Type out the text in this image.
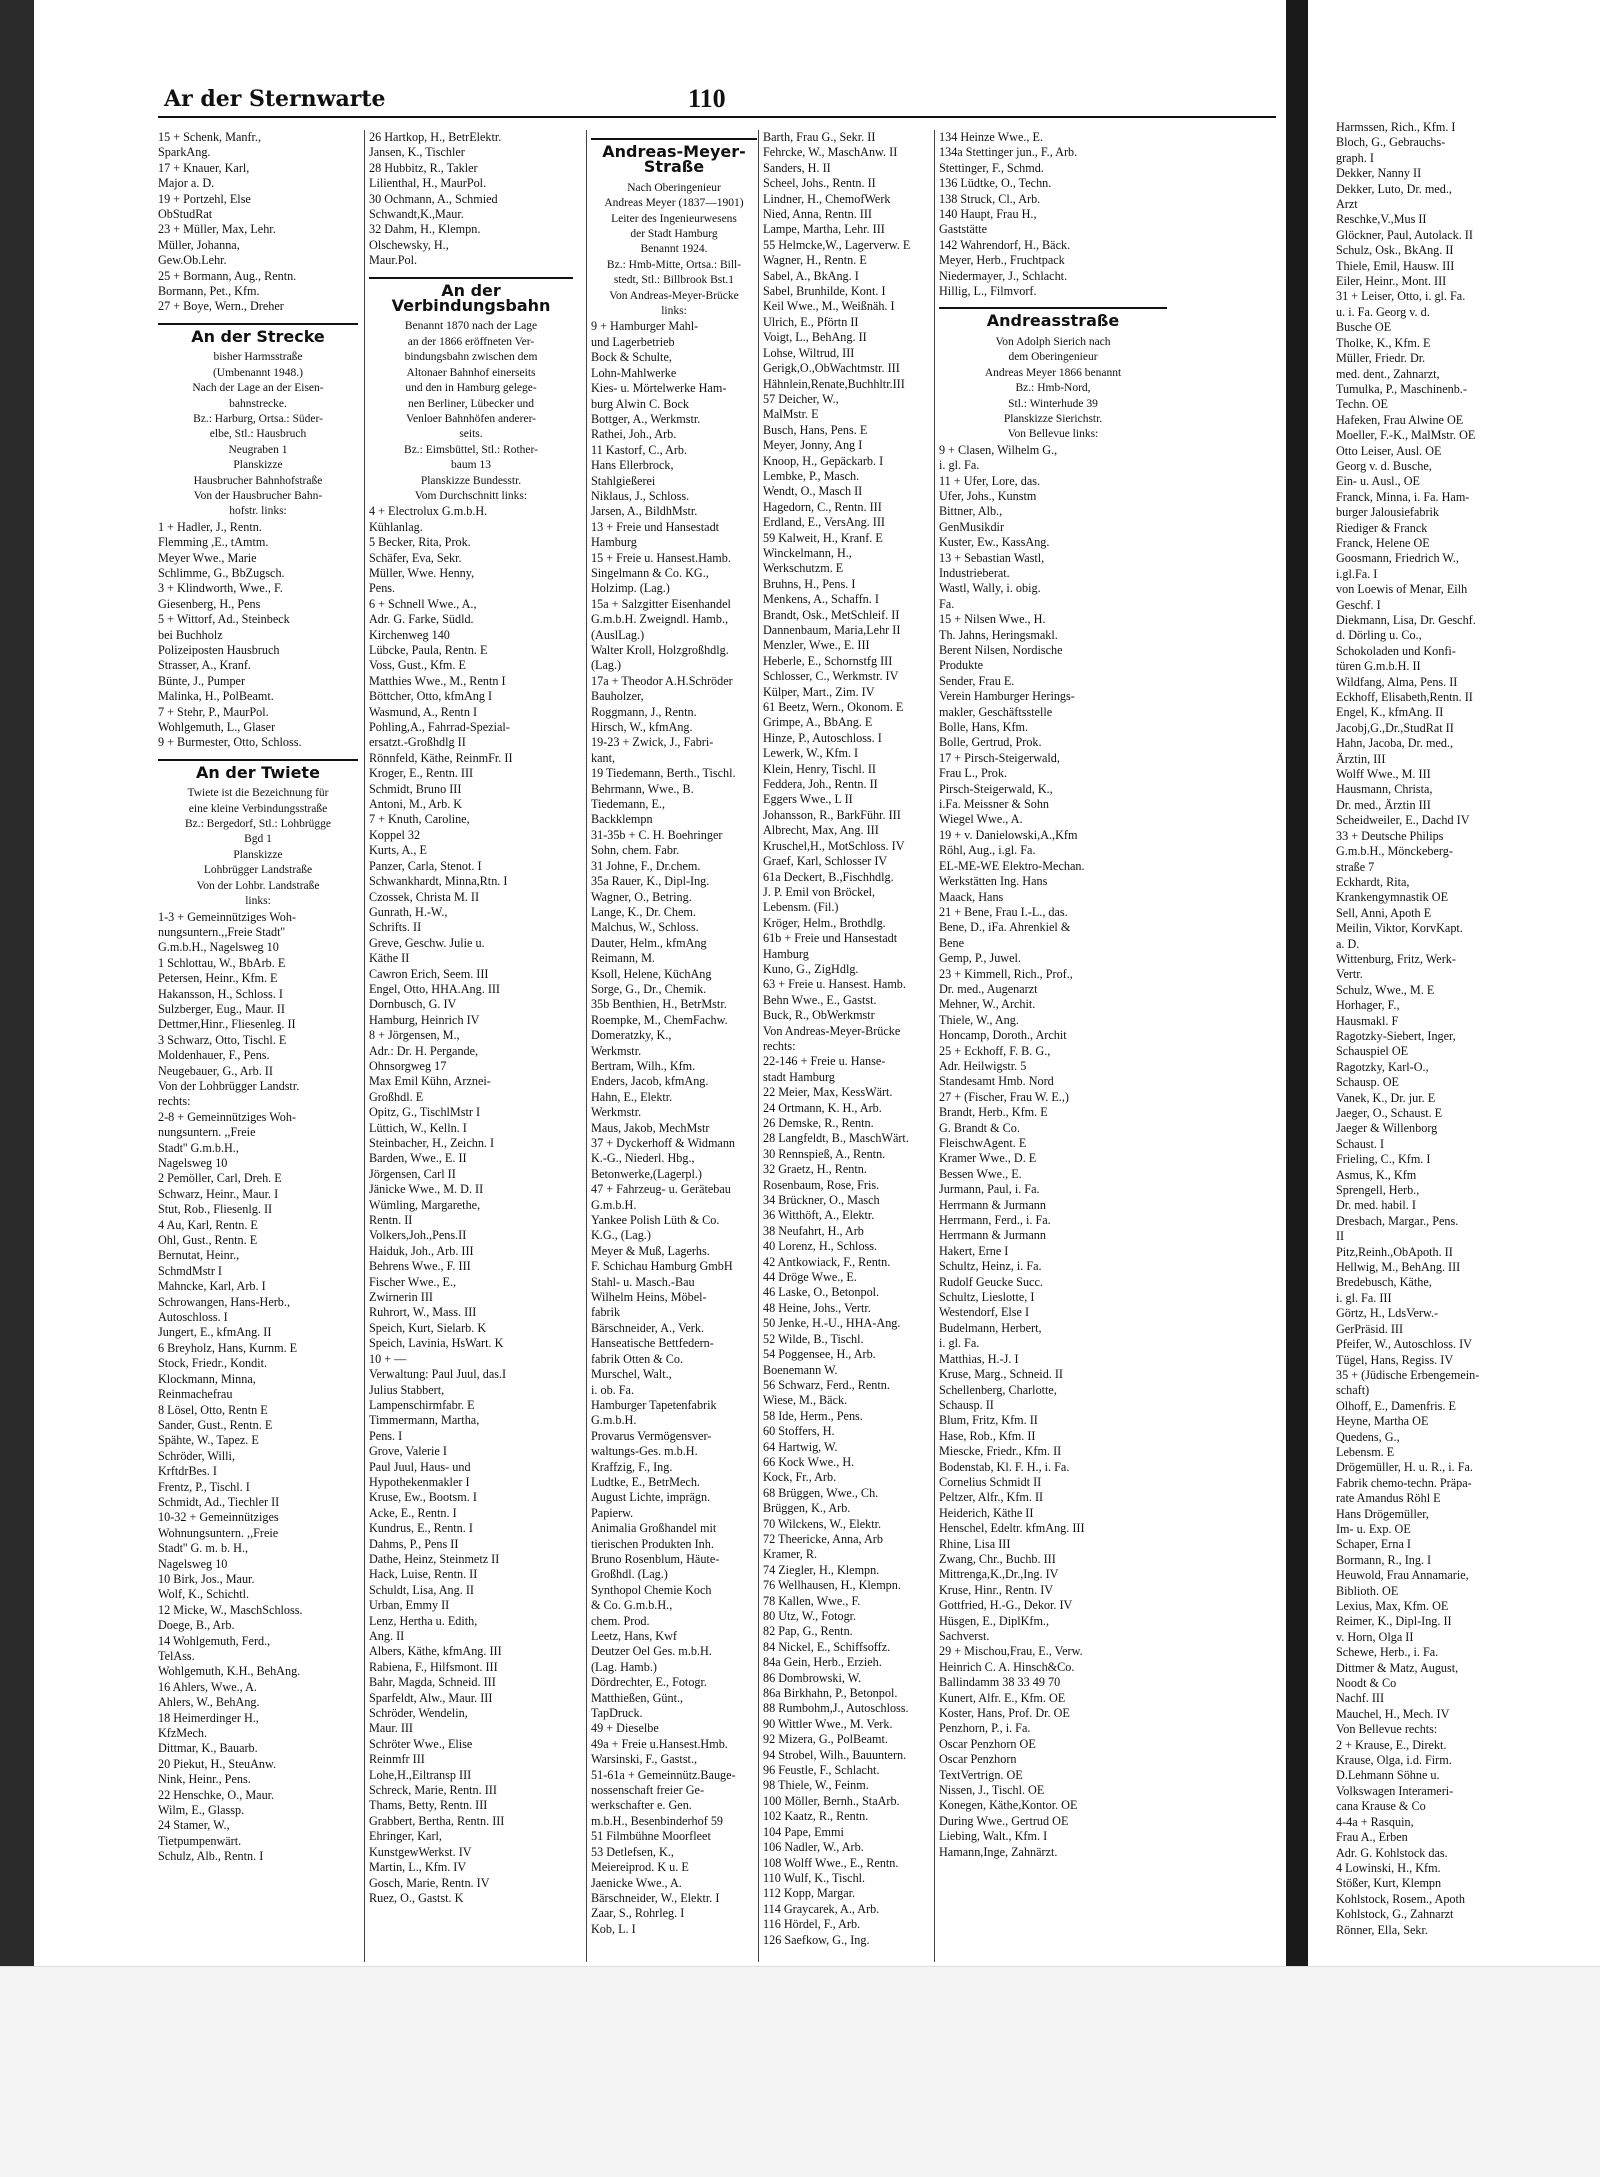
Ar der Sternwarte	110
15 + Schenk, Manfr.,
SparkAng.
17 + Knauer, Karl,
Major a. D.
19 + Portzehl, Else
ObStudRat
23 + Müller, Max, Lehr.
Müller, Johanna,
Gew.Ob.Lehr.
25 + Bormann, Aug., Rentn.
Bormann, Pet., Kfm.
27 + Boye, Wern., Dreher
An der Strecke
bisher Harmsstraße
(Umbenannt 1948.)
Nach der Lage an der Eisen-
bahnstrecke.
Bz.: Harburg, Ortsa.: Süder-
elbe, Stl.: Hausbruch
Neugraben 1
Planskizze
Hausbrucher Bahnhofstraße
Von der Hausbrucher Bahn-
hofstr. links:
1 + Hadler, J., Rentn.
Flemming ,E., tAmtm.
Meyer Wwe., Marie
Schlimme, G., BbZugsch.
3 + Klindworth, Wwe., F.
Giesenberg, H., Pens
5 + Wittorf, Ad., Steinbeck
bei Buchholz
Polizeiposten Hausbruch
Strasser, A., Kranf.
Bünte, J., Pumper
Malinka, H., PolBeamt.
7 + Stehr, P., MaurPol.
Wohlgemuth, L., Glaser
9 + Burmester, Otto, Schloss.
An der Twiete
Twiete ist die Bezeichnung für
eine kleine Verbindungsstraße
Bz.: Bergedorf, Stl.: Lohbrügge
Bgd 1
Planskizze
Lohbrügger Landstraße
Von der Lohbr. Landstraße
links:
1-3 + Gemeinnütziges Woh-
nungsuntern.,,Freie Stadt''
G.m.b.H., Nagelsweg 10
1 Schlottau, W., BbArb. E
Petersen, Heinr., Kfm. E
Hakansson, H., Schloss. I
Sulzberger, Eug., Maur. II
Dettmer,Hinr., Fliesenleg. II
3 Schwarz, Otto, Tischl. E
Moldenhauer, F., Pens.
Neugebauer, G., Arb. II
Von der Lohbrügger Landstr.
rechts:
2-8 + Gemeinnütziges Woh-
nungsuntern. ,,Freie
Stadt'' G.m.b.H.,
Nagelsweg 10
2 Pemöller, Carl, Dreh. E
Schwarz, Heinr., Maur. I
Stut, Rob., Fliesenlg. II
4 Au, Karl, Rentn. E
Ohl, Gust., Rentn. E
Bernutat, Heinr.,
SchmdMstr I
Mahncke, Karl, Arb. I
Schrowangen, Hans-Herb.,
Autoschloss. I
Jungert, E., kfmAng. II
6 Breyholz, Hans, Kurnm. E
Stock, Friedr., Kondit.
Klockmann, Minna,
Reinmachefrau
8 Lösel, Otto, Rentn E
Sander, Gust., Rentn. E
Spähte, W., Tapez. E
Schröder, Willi,
KrftdrBes. I
Frentz, P., Tischl. I
Schmidt, Ad., Tiechler II
10-32 + Gemeinnütziges
Wohnungsuntern. ,,Freie
Stadt'' G. m. b. H.,
Nagelsweg 10
10 Birk, Jos., Maur.
Wolf, K., Schichtl.
12 Micke, W., MaschSchloss.
Doege, B., Arb.
14 Wohlgemuth, Ferd.,
TelAss.
Wohlgemuth, K.H., BehAng.
16 Ahlers, Wwe., A.
Ahlers, W., BehAng.
18 Heimerdinger H.,
KfzMech.
Dittmar, K., Bauarb.
20 Piekut, H., SteuAnw.
Nink, Heinr., Pens.
22 Henschke, O., Maur.
Wilm, E., Glassp.
24 Stamer, W.,
Tietpumpenwärt.
Schulz, Alb., Rentn. I
26 Hartkop, H., BetrElektr.
Jansen, K., Tischler
28 Hubbitz, R., Takler
Lilienthal, H., MaurPol.
30 Ochmann, A., Schmied
Schwandt,K.,Maur.
32 Dahm, H., Klempn.
Olschewsky, H.,
Maur.Pol.
An der Verbindungsbahn
Benannt 1870 nach der Lage
an der 1866 eröffneten Ver-
bindungsbahn zwischen dem
Altonaer Bahnhof einerseits
und den in Hamburg gelege-
nen Berliner, Lübecker und
Venloer Bahnhöfen anderer-
seits.
Bz.: Eimsbüttel, Stl.: Rother-
baum 13
Planskizze Bundesstr.
Vom Durchschnitt links:
4 + Electrolux G.m.b.H.
Kühlanlag.
5 Becker, Rita, Prok.
Schäfer, Eva, Sekr.
Müller, Wwe. Henny,
Pens.
6 + Schnell Wwe., A.,
Adr. G. Farke, Südld.
Kirchenweg 140
Lübcke, Paula, Rentn. E
Voss, Gust., Kfm. E
Matthies Wwe., M., Rentn I
Böttcher, Otto, kfmAng I
Wasmund, A., Rentn I
Pohling,A., Fahrrad-Spezial-
ersatzt.-Großhdlg II
Rönnfeld, Käthe, ReinmFr. II
Kroger, E., Rentn. III
Schmidt, Bruno III
Antoni, M., Arb. K
7 + Knuth, Caroline,
Koppel 32
Kurts, A., E
Panzer, Carla, Stenot. I
Schwankhardt, Minna,Rtn. I
Czossek, Christa M. II
Gunrath, H.-W.,
Schrifts. II
Greve, Geschw. Julie u.
Käthe II
Cawron Erich, Seem. III
Engel, Otto, HHA.Ang. III
Dornbusch, G. IV
Hamburg, Heinrich IV
8 + Jörgensen, M.,
Adr.: Dr. H. Pergande,
Ohnsorgweg 17
Max Emil Kühn, Arznei-
Großhdl. E
Opitz, G., TischlMstr I
Lüttich, W., Kelln. I
Steinbacher, H., Zeichn. I
Barden, Wwe., E. II
Jörgensen, Carl II
Jänicke Wwe., M. D. II
Wümling, Margarethe,
Rentn. II
Volkers,Joh.,Pens.II
Haiduk, Joh., Arb. III
Behrens Wwe., F. III
Fischer Wwe., E.,
Zwirnerin III
Ruhrort, W., Mass. III
Speich, Kurt, Sielarb. K
Speich, Lavinia, HsWart. K
10 + —
Verwaltung: Paul Juul, das.I
Julius Stabbert,
Lampenschirmfabr. E
Timmermann, Martha,
Pens. I
Grove, Valerie I
Paul Juul, Haus- und
Hypothekenmakler I
Kruse, Ew., Bootsm. I
Acke, E., Rentn. I
Kundrus, E., Rentn. I
Dahms, P., Pens II
Dathe, Heinz, Steinmetz II
Hack, Luise, Rentn. II
Schuldt, Lisa, Ang. II
Urban, Emmy II
Lenz, Hertha u. Edith,
Ang. II
Albers, Käthe, kfmAng. III
Rabiena, F., Hilfsmont. III
Bahr, Magda, Schneid. III
Sparfeldt, Alw., Maur. III
Schröder, Wendelin,
Maur. III
Schröter Wwe., Elise
Reinmfr III
Lohe,H.,Eiltransp III
Schreck, Marie, Rentn. III
Thams, Betty, Rentn. III
Grabbert, Bertha, Rentn. III
Ehringer, Karl,
KunstgewWerkst. IV
Martin, L., Kfm. IV
Gosch, Marie, Rentn. IV
Ruez, O., Gastst. K
Andreas-Meyer-Straße
Nach Oberingenieur
Andreas Meyer (1837—1901)
Leiter des Ingenieurwesens
der Stadt Hamburg
Benannt 1924.
Bz.: Hmb-Mitte, Ortsa.: Bill-
stedt, Stl.: Billbrook Bst.1
Von Andreas-Meyer-Brücke
links:
9 + Hamburger Mahl-
und Lagerbetrieb
Bock & Schulte,
Lohn-Mahlwerke
Kies- u. Mörtelwerke Ham-
burg Alwin C. Bock
Bottger, A., Werkmstr.
Rathei, Joh., Arb.
11 Kastorf, C., Arb.
Hans Ellerbrock,
Stahlgießerei
Niklaus, J., Schloss.
Jarsen, A., BildhMstr.
13 + Freie und Hansestadt
Hamburg
15 + Freie u. Hansest.Hamb.
Singelmann & Co. KG.,
Holzimp. (Lag.)
15a + Salzgitter Eisenhandel
G.m.b.H. Zweigndl. Hamb.,
(AuslLag.)
Walter Kroll, Holzgroßhdlg.
(Lag.)
17a + Theodor A.H.Schröder
Bauholzer,
Roggmann, J., Rentn.
Hirsch, W., kfmAng.
19-23 + Zwick, J., Fabri-
kant,
19 Tiedemann, Berth., Tischl.
Behrmann, Wwe., B.
Tiedemann, E.,
Backklempn
31-35b + C. H. Boehringer
Sohn, chem. Fabr.
31 Johne, F., Dr.chem.
35a Rauer, K., Dipl-Ing.
Wagner, O., Betring.
Lange, K., Dr. Chem.
Malchus, W., Schloss.
Dauter, Helm., kfmAng
Reimann, M.
Ksoll, Helene, KüchAng
Sorge, G., Dr., Chemik.
35b Benthien, H., BetrMstr.
Roempke, M., ChemFachw.
Domeratzky, K.,
Werkmstr.
Bertram, Wilh., Kfm.
Enders, Jacob, kfmAng.
Hahn, E., Elektr.
Werkmstr.
Maus, Jakob, MechMstr
37 + Dyckerhoff & Widmann
K.-G., Niederl. Hbg.,
Betonwerke,(Lagerpl.)
47 + Fahrzeug- u. Gerätebau
G.m.b.H.
Yankee Polish Lüth & Co.
K.G., (Lag.)
Meyer & Muß, Lagerhs.
F. Schichau Hamburg GmbH
Stahl- u. Masch.-Bau
Wilhelm Heins, Möbel-
fabrik
Bärschneider, A., Verk.
Hanseatische Bettfedern-
fabrik Otten & Co.
Murschel, Walt.,
i. ob. Fa.
Hamburger Tapetenfabrik
G.m.b.H.
Provarus Vermögensver-
waltungs-Ges. m.b.H.
Kraffzig, F., Ing.
Ludtke, E., BetrMech.
August Lichte, imprägn.
Papierw.
Animalia Großhandel mit
tierischen Produkten Inh.
Bruno Rosenblum, Häute-
Großhdl. (Lag.)
Synthopol Chemie Koch
& Co. G.m.b.H.,
chem. Prod.
Leetz, Hans, Kwf
Deutzer Oel Ges. m.b.H.
(Lag. Hamb.)
Dördrechter, E., Fotogr.
Matthießen, Günt.,
TapDruck.
49 + Dieselbe
49a + Freie u.Hansest.Hmb.
Warsinski, F., Gastst.,
51-61a + Gemeinnütz.Bauge-
nossenschaft freier Ge-
werkschafter e. Gen.
m.b.H., Besenbinderhof 59
51 Filmbühne Moorfleet
53 Detlefsen, K.,
Meiereiprod. K u. E
Jaenicke Wwe., A.
Bärschneider, W., Elektr. I
Zaar, S., Rohrleg. I
Kob, L. I
Barth, Frau G., Sekr. II
Fehrcke, W., MaschAnw. II
Sanders, H. II
Scheel, Johs., Rentn. II
Lindner, H., ChemofWerk
Nied, Anna, Rentn. III
Lampe, Martha, Lehr. III
55 Helmcke,W., Lagerverw. E
Wagner, H., Rentn. E
Sabel, A., BkAng. I
Sabel, Brunhilde, Kont. I
Keil Wwe., M., Weißnäh. I
Ulrich, E., Pförtn II
Voigt, L., BehAng. II
Lohse, Wiltrud, III
Gerigk,O.,ObWachtmstr. III
Hähnlein,Renate,Buchhltr.III
57 Deicher, W.,
MalMstr. E
Busch, Hans, Pens. E
Meyer, Jonny, Ang I
Knoop, H., Gepäckarb. I
Lembke, P., Masch.
Wendt, O., Masch II
Hagedorn, C., Rentn. III
Erdland, E., VersAng. III
59 Kalweit, H., Kranf. E
Winckelmann, H.,
Werkschutzm. E
Bruhns, H., Pens. I
Menkens, A., Schaffn. I
Brandt, Osk., MetSchleif. II
Dannenbaum, Maria,Lehr II
Menzler, Wwe., E. III
Heberle, E., Schornstfg III
Schlosser, C., Werkmstr. IV
Külper, Mart., Zim. IV
61 Beetz, Wern., Okonom. E
Grimpe, A., BbAng. E
Hinze, P., Autoschloss. I
Lewerk, W., Kfm. I
Klein, Henry, Tischl. II
Feddera, Joh., Rentn. II
Eggers Wwe., L II
Johansson, R., BarkFühr. III
Albrecht, Max, Ang. III
Kruschel,H., MotSchloss. IV
Graef, Karl, Schlosser IV
61a Deckert, B.,Fischhdlg.
J. P. Emil von Bröckel,
Lebensm. (Fil.)
Kröger, Helm., Brothdlg.
61b + Freie und Hansestadt
Hamburg
Kuno, G., ZigHdlg.
63 + Freie u. Hansest. Hamb.
Behn Wwe., E., Gastst.
Buck, R., ObWerkmstr
Von Andreas-Meyer-Brücke
rechts:
22-146 + Freie u. Hanse-
stadt Hamburg
22 Meier, Max, KessWärt.
24 Ortmann, K. H., Arb.
26 Demske, R., Rentn.
28 Langfeldt, B., MaschWärt.
30 Rennspieß, A., Rentn.
32 Graetz, H., Rentn.
Rosenbaum, Rose, Fris.
34 Brückner, O., Masch
36 Witthöft, A., Elektr.
38 Neufahrt, H., Arb
40 Lorenz, H., Schloss.
42 Antkowiack, F., Rentn.
44 Dröge Wwe., E.
46 Laske, O., Betonpol.
48 Heine, Johs., Vertr.
50 Jenke, H.-U., HHA-Ang.
52 Wilde, B., Tischl.
54 Poggensee, H., Arb.
Boenemann W.
56 Schwarz, Ferd., Rentn.
Wiese, M., Bäck.
58 Ide, Herm., Pens.
60 Stoffers, H.
64 Hartwig, W.
66 Kock Wwe., H.
Kock, Fr., Arb.
68 Brüggen, Wwe., Ch.
Brüggen, K., Arb.
70 Wilckens, W., Elektr.
72 Theericke, Anna, Arb
Kramer, R.
74 Ziegler, H., Klempn.
76 Wellhausen, H., Klempn.
78 Kallen, Wwe., F.
80 Utz, W., Fotogr.
82 Pap, G., Rentn.
84 Nickel, E., Schiffsoffz.
84a Gein, Herb., Erzieh.
86 Dombrowski, W.
86a Birkhahn, P., Betonpol.
88 Rumbohm,J., Autoschloss.
90 Wittler Wwe., M. Verk.
92 Mizera, G., PolBeamt.
94 Strobel, Wilh., Bauuntern.
96 Feustle, F., Schlacht.
98 Thiele, W., Feinm.
100 Möller, Bernh., StaArb.
102 Kaatz, R., Rentn.
104 Pape, Emmi
106 Nadler, W., Arb.
108 Wolff Wwe., E., Rentn.
110 Wulf, K., Tischl.
112 Kopp, Margar.
114 Graycarek, A., Arb.
116 Hördel, F., Arb.
126 Saefkow, G., Ing.
134 Heinze Wwe., E.
134a Stettinger jun., F., Arb.
Stettinger, F., Schmd.
136 Lüdtke, O., Techn.
138 Struck, Cl., Arb.
140 Haupt, Frau H.,
Gaststätte
142 Wahrendorf, H., Bäck.
Meyer, Herb., Fruchtpack
Niedermayer, J., Schlacht.
Hillig, L., Filmvorf.
Andreasstraße
Von Adolph Sierich nach
dem Oberingenieur
Andreas Meyer 1866 benannt
Bz.: Hmb-Nord,
Stl.: Winterhude 39
Planskizze Sierichstr.
Von Bellevue links:
9 + Clasen, Wilhelm G.,
i. gl. Fa.
11 + Ufer, Lore, das.
Ufer, Johs., Kunstm
Bittner, Alb.,
GenMusikdir
Kuster, Ew., KassAng.
13 + Sebastian Wastl,
Industrieberat.
Wastl, Wally, i. obig.
Fa.
15 + Nilsen Wwe., H.
Th. Jahns, Heringsmakl.
Berent Nilsen, Nordische
Produkte
Sender, Frau E.
Verein Hamburger Herings-
makler, Geschäftsstelle
Bolle, Hans, Kfm.
Bolle, Gertrud, Prok.
17 + Pirsch-Steigerwald,
Frau L., Prok.
Pirsch-Steigerwald, K.,
i.Fa. Meissner & Sohn
Wiegel Wwe., A.
19 + v. Danielowski,A.,Kfm
Röhl, Aug., i.gl. Fa.
EL-ME-WE Elektro-Mechan.
Werkstätten Ing. Hans
Maack, Hans
21 + Bene, Frau I.-L., das.
Bene, D., iFa. Ahrenkiel &
Bene
Gemp, P., Juwel.
23 + Kimmell, Rich., Prof.,
Dr. med., Augenarzt
Mehner, W., Archit.
Thiele, W., Ang.
Honcamp, Doroth., Archit
25 + Eckhoff, F. B. G.,
Adr. Heilwigstr. 5
Standesamt Hmb. Nord
27 + (Fischer, Frau W. E.,)
Brandt, Herb., Kfm. E
G. Brandt & Co.
FleischwAgent. E
Kramer Wwe., D. E
Bessen Wwe., E.
Jurmann, Paul, i. Fa.
Herrmann & Jurmann
Herrmann, Ferd., i. Fa.
Herrmann & Jurmann
Hakert, Erne I
Schultz, Heinz, i. Fa.
Rudolf Geucke Succ.
Schultz, Lieslotte, I
Westendorf, Else I
Budelmann, Herbert,
i. gl. Fa.
Matthias, H.-J. I
Kruse, Marg., Schneid. II
Schellenberg, Charlotte,
Schausp. II
Blum, Fritz, Kfm. II
Hase, Rob., Kfm. II
Miescke, Friedr., Kfm. II
Bodenstab, Kl. F. H., i. Fa.
Cornelius Schmidt II
Peltzer, Alfr., Kfm. II
Heiderich, Käthe II
Henschel, Edeltr. kfmAng. III
Rhine, Lisa III
Zwang, Chr., Buchb. III
Mittrenga,K.,Dr.,Ing. IV
Kruse, Hinr., Rentn. IV
Gottfried, H.-G., Dekor. IV
Hüsgen, E., DiplKfm.,
Sachverst.
29 + Mischou,Frau, E., Verw.
Heinrich C. A. Hinsch&Co.
Ballindamm 38 33 49 70
Kunert, Alfr. E., Kfm. OE
Koster, Hans, Prof. Dr. OE
Penzhorn, P., i. Fa.
Oscar Penzhorn OE
Oscar Penzhorn
TextVertrign. OE
Nissen, J., Tischl. OE
Konegen, Käthe,Kontor. OE
During Wwe., Gertrud OE
Liebing, Walt., Kfm. I
Hamann,Inge, Zahnärzt.
Harmssen, Rich., Kfm. I
Bloch, G., Gebrauchs-
graph. I
Dekker, Nanny II
Dekker, Luto, Dr. med.,
Arzt
Reschke,V.,Mus II
Glöckner, Paul, Autolack. II
Schulz, Osk., BkAng. II
Thiele, Emil, Hausw. III
Eiler, Heinr., Mont. III
31 + Leiser, Otto, i. gl. Fa.
u. i. Fa. Georg v. d.
Busche OE
Tholke, K., Kfm. E
Müller, Friedr. Dr.
med. dent., Zahnarzt,
Tumulka, P., Maschinenb.-
Techn. OE
Hafeken, Frau Alwine OE
Moeller, F.-K., MalMstr. OE
Otto Leiser, Ausl. OE
Georg v. d. Busche,
Ein- u. Ausl., OE
Franck, Minna, i. Fa. Ham-
burger Jalousiefabrik
Riediger & Franck
Franck, Helene OE
Goosmann, Friedrich W.,
i.gl.Fa. I
von Loewis of Menar, Eilh
Geschf. I
Diekmann, Lisa, Dr. Geschf.
d. Dörling u. Co.,
Schokoladen und Konfi-
türen G.m.b.H. II
Wildfang, Alma, Pens. II
Eckhoff, Elisabeth,Rentn. II
Engel, K., kfmAng. II
Jacobj,G.,Dr.,StudRat II
Hahn, Jacoba, Dr. med.,
Ärztin, III
Wolff Wwe., M. III
Hausmann, Christa,
Dr. med., Ärztin III
Scheidweiler, E., Dachd IV
33 + Deutsche Philips
G.m.b.H., Mönckeberg-
straße 7
Eckhardt, Rita,
Krankengymnastik OE
Sell, Anni, Apoth E
Meilin, Viktor, KorvKapt.
a. D.
Wittenburg, Fritz, Werk-
Vertr.
Schulz, Wwe., M. E
Horhager, F.,
Hausmakl. F
Ragotzky-Siebert, Inger,
Schauspiel OE
Ragotzky, Karl-O.,
Schausp. OE
Vanek, K., Dr. jur. E
Jaeger, O., Schaust. E
Jaeger & Willenborg
Schaust. I
Frieling, C., Kfm. I
Asmus, K., Kfm
Sprengell, Herb.,
Dr. med. habil. I
Dresbach, Margar., Pens.
II
Pitz,Reinh.,ObApoth. II
Hellwig, M., BehAng. III
Bredebusch, Käthe,
i. gl. Fa. III
Görtz, H., LdsVerw.-
GerPräsid. III
Pfeifer, W., Autoschloss. IV
Tügel, Hans, Regiss. IV
35 + (Jüdische Erbengemein-
schaft)
Olhoff, E., Damenfris. E
Heyne, Martha OE
Quedens, G.,
Lebensm. E
Drögemüller, H. u. R., i. Fa.
Fabrik chemo-techn. Präpa-
rate Amandus Röhl E
Hans Drögemüller,
Im- u. Exp. OE
Schaper, Erna I
Bormann, R., Ing. I
Heuwold, Frau Annamarie,
Biblioth. OE
Lexius, Max, Kfm. OE
Reimer, K., Dipl-Ing. II
v. Horn, Olga II
Schewe, Herb., i. Fa.
Dittmer & Matz, August,
Noodt & Co
Nachf. III
Mauchel, H., Mech. IV
Von Bellevue rechts:
2 + Krause, E., Direkt.
Krause, Olga, i.d. Firm.
D.Lehmann Söhne u.
Volkswagen Interameri-
cana Krause & Co
4-4a + Rasquin,
Frau A., Erben
Adr. G. Kohlstock das.
4 Lowinski, H., Kfm.
Stößer, Kurt, Klempn
Kohlstock, Rosem., Apoth
Kohlstock, G., Zahnarzt
Rönner, Ella, Sekr.
